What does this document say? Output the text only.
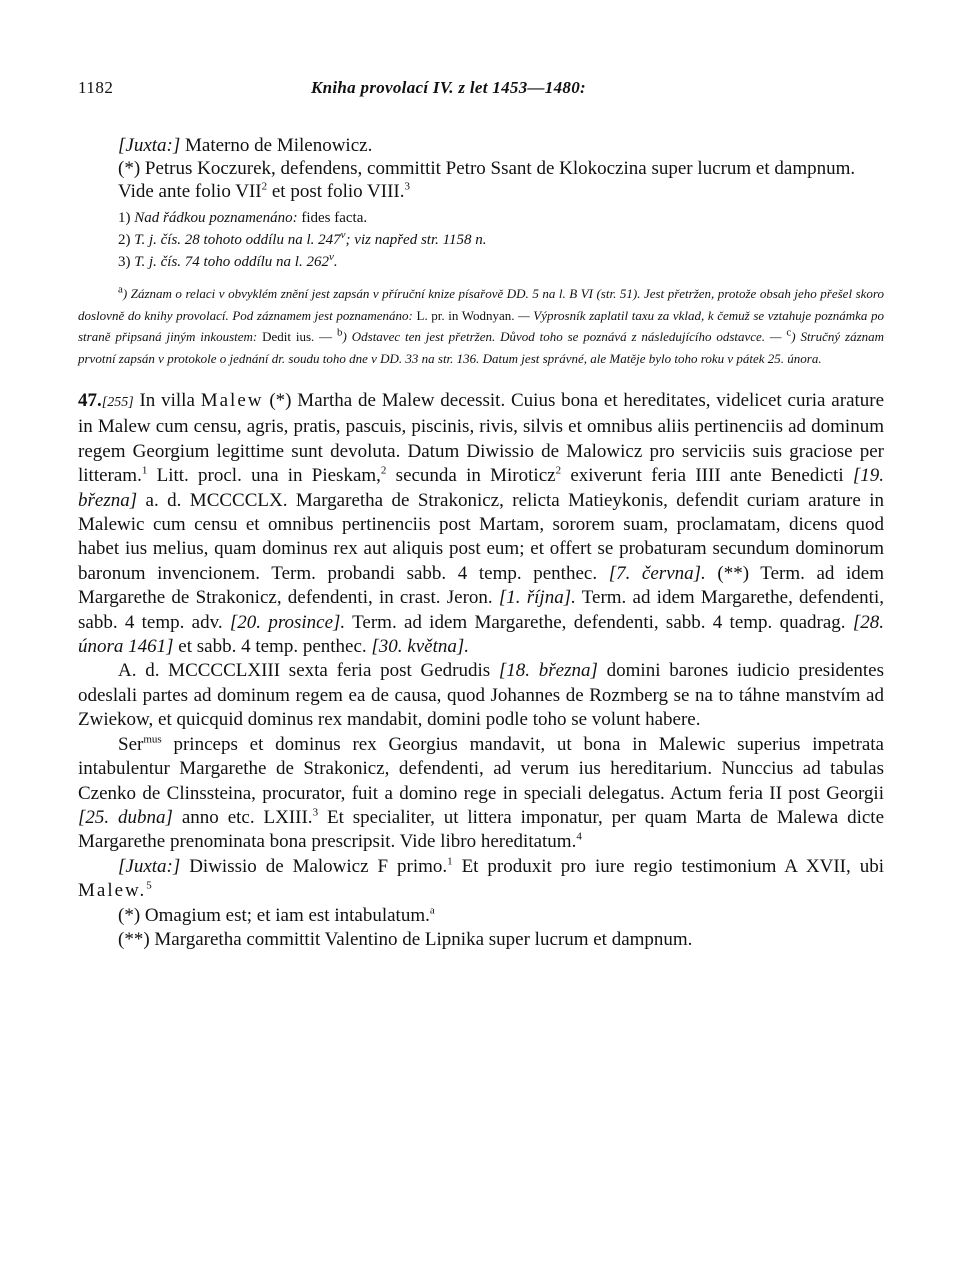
1182	Kniha provolací IV. z let 1453—1480:

[Juxta:] Materno de Milenowicz.

(*) Petrus Koczurek, defendens, committit Petro Ssant de Klokoczina super lucrum et dampnum.

Vide ante folio VII$^2$ et post folio VIII.$^3$

1) Nad řádkou poznamenáno: fides facta.
2) T. j. čís. 28 tohoto oddílu na l. 247$^v$; viz napřed str. 1158 n.
3) T. j. čís. 74 toho oddílu na l. 262$^v$.

$^a$) Záznam o relaci v obvyklém znění jest zapsán v příruční knize písařově DD. 5 na l. B VI (str. 51). Jest přetržen, protože obsah jeho přešel skoro doslovně do knihy provolací. Pod záznamem jest poznamenáno: L. pr. in Wodnyan. — Výprosník zaplatil taxu za vklad, k čemuž se vztahuje poznámka po straně připsaná jiným inkoustem: Dedit ius. — $^b$) Odstavec ten jest přetržen. Důvod toho se poznává z následujícího odstavce. — $^c$) Stručný záznam prvotní zapsán v protokole o jednání dr. soudu toho dne v DD. 33 na str. 136. Datum jest správné, ale Matěje bylo toho roku v pátek 25. února.

47.[255] In villa Malew (*) Martha de Malew decessit. Cuius bona et hereditates, videlicet curia arature in Malew cum censu, agris, pratis, pascuis, piscinis, rivis, silvis et omnibus aliis pertinenciis ad dominum regem Georgium legittime sunt devoluta. Datum Diwissio de Malowicz pro serviciis suis graciose per litteram.$^1$ Litt. procl. una in Pieskam,$^2$ secunda in Miroticz$^2$ exiverunt feria IIII ante Benedicti [19. března] a. d. MCCCCLX. Margaretha de Strakonicz, relicta Matieykonis, defendit curiam arature in Malewic cum censu et omnibus pertinenciis post Martam, sororem suam, proclamatam, dicens quod habet ius melius, quam dominus rex aut aliquis post eum; et offert se probaturam secundum dominorum baronum invencionem. Term. probandi sabb. 4 temp. penthec. [7. června]. (**) Term. ad idem Margarethe de Strakonicz, defendenti, in crast. Jeron. [1. října]. Term. ad idem Margarethe, defendenti, sabb. 4 temp. adv. [20. prosince]. Term. ad idem Margarethe, defendenti, sabb. 4 temp. quadrag. [28. února 1461] et sabb. 4 temp. penthec. [30. května].

A. d. MCCCCLXIII sexta feria post Gedrudis [18. března] domini barones iudicio presidentes odeslali partes ad dominum regem ea de causa, quod Johannes de Rozmberg se na to táhne manstvím ad Zwiekow, et quicquid dominus rex mandabit, domini podle toho se volunt habere.

Ser$^{mus}$ princeps et dominus rex Georgius mandavit, ut bona in Malewic superius impetrata intabulentur Margarethe de Strakonicz, defendenti, ad verum ius hereditarium. Nunccius ad tabulas Czenko de Clinssteina, procurator, fuit a domino rege in speciali delegatus. Actum feria II post Georgii [25. dubna] anno etc. LXIII.$^3$ Et specialiter, ut littera imponatur, per quam Marta de Malewa dicte Margarethe prenominata bona prescripsit. Vide libro hereditatum.$^4$

[Juxta:] Diwissio de Malowicz F primo.$^1$ Et produxit pro iure regio testimonium A XVII, ubi Malew.$^5$

(*) Omagium est; et iam est intabulatum.$^a$

(**) Margaretha committit Valentino de Lipnika super lucrum et dampnum.
